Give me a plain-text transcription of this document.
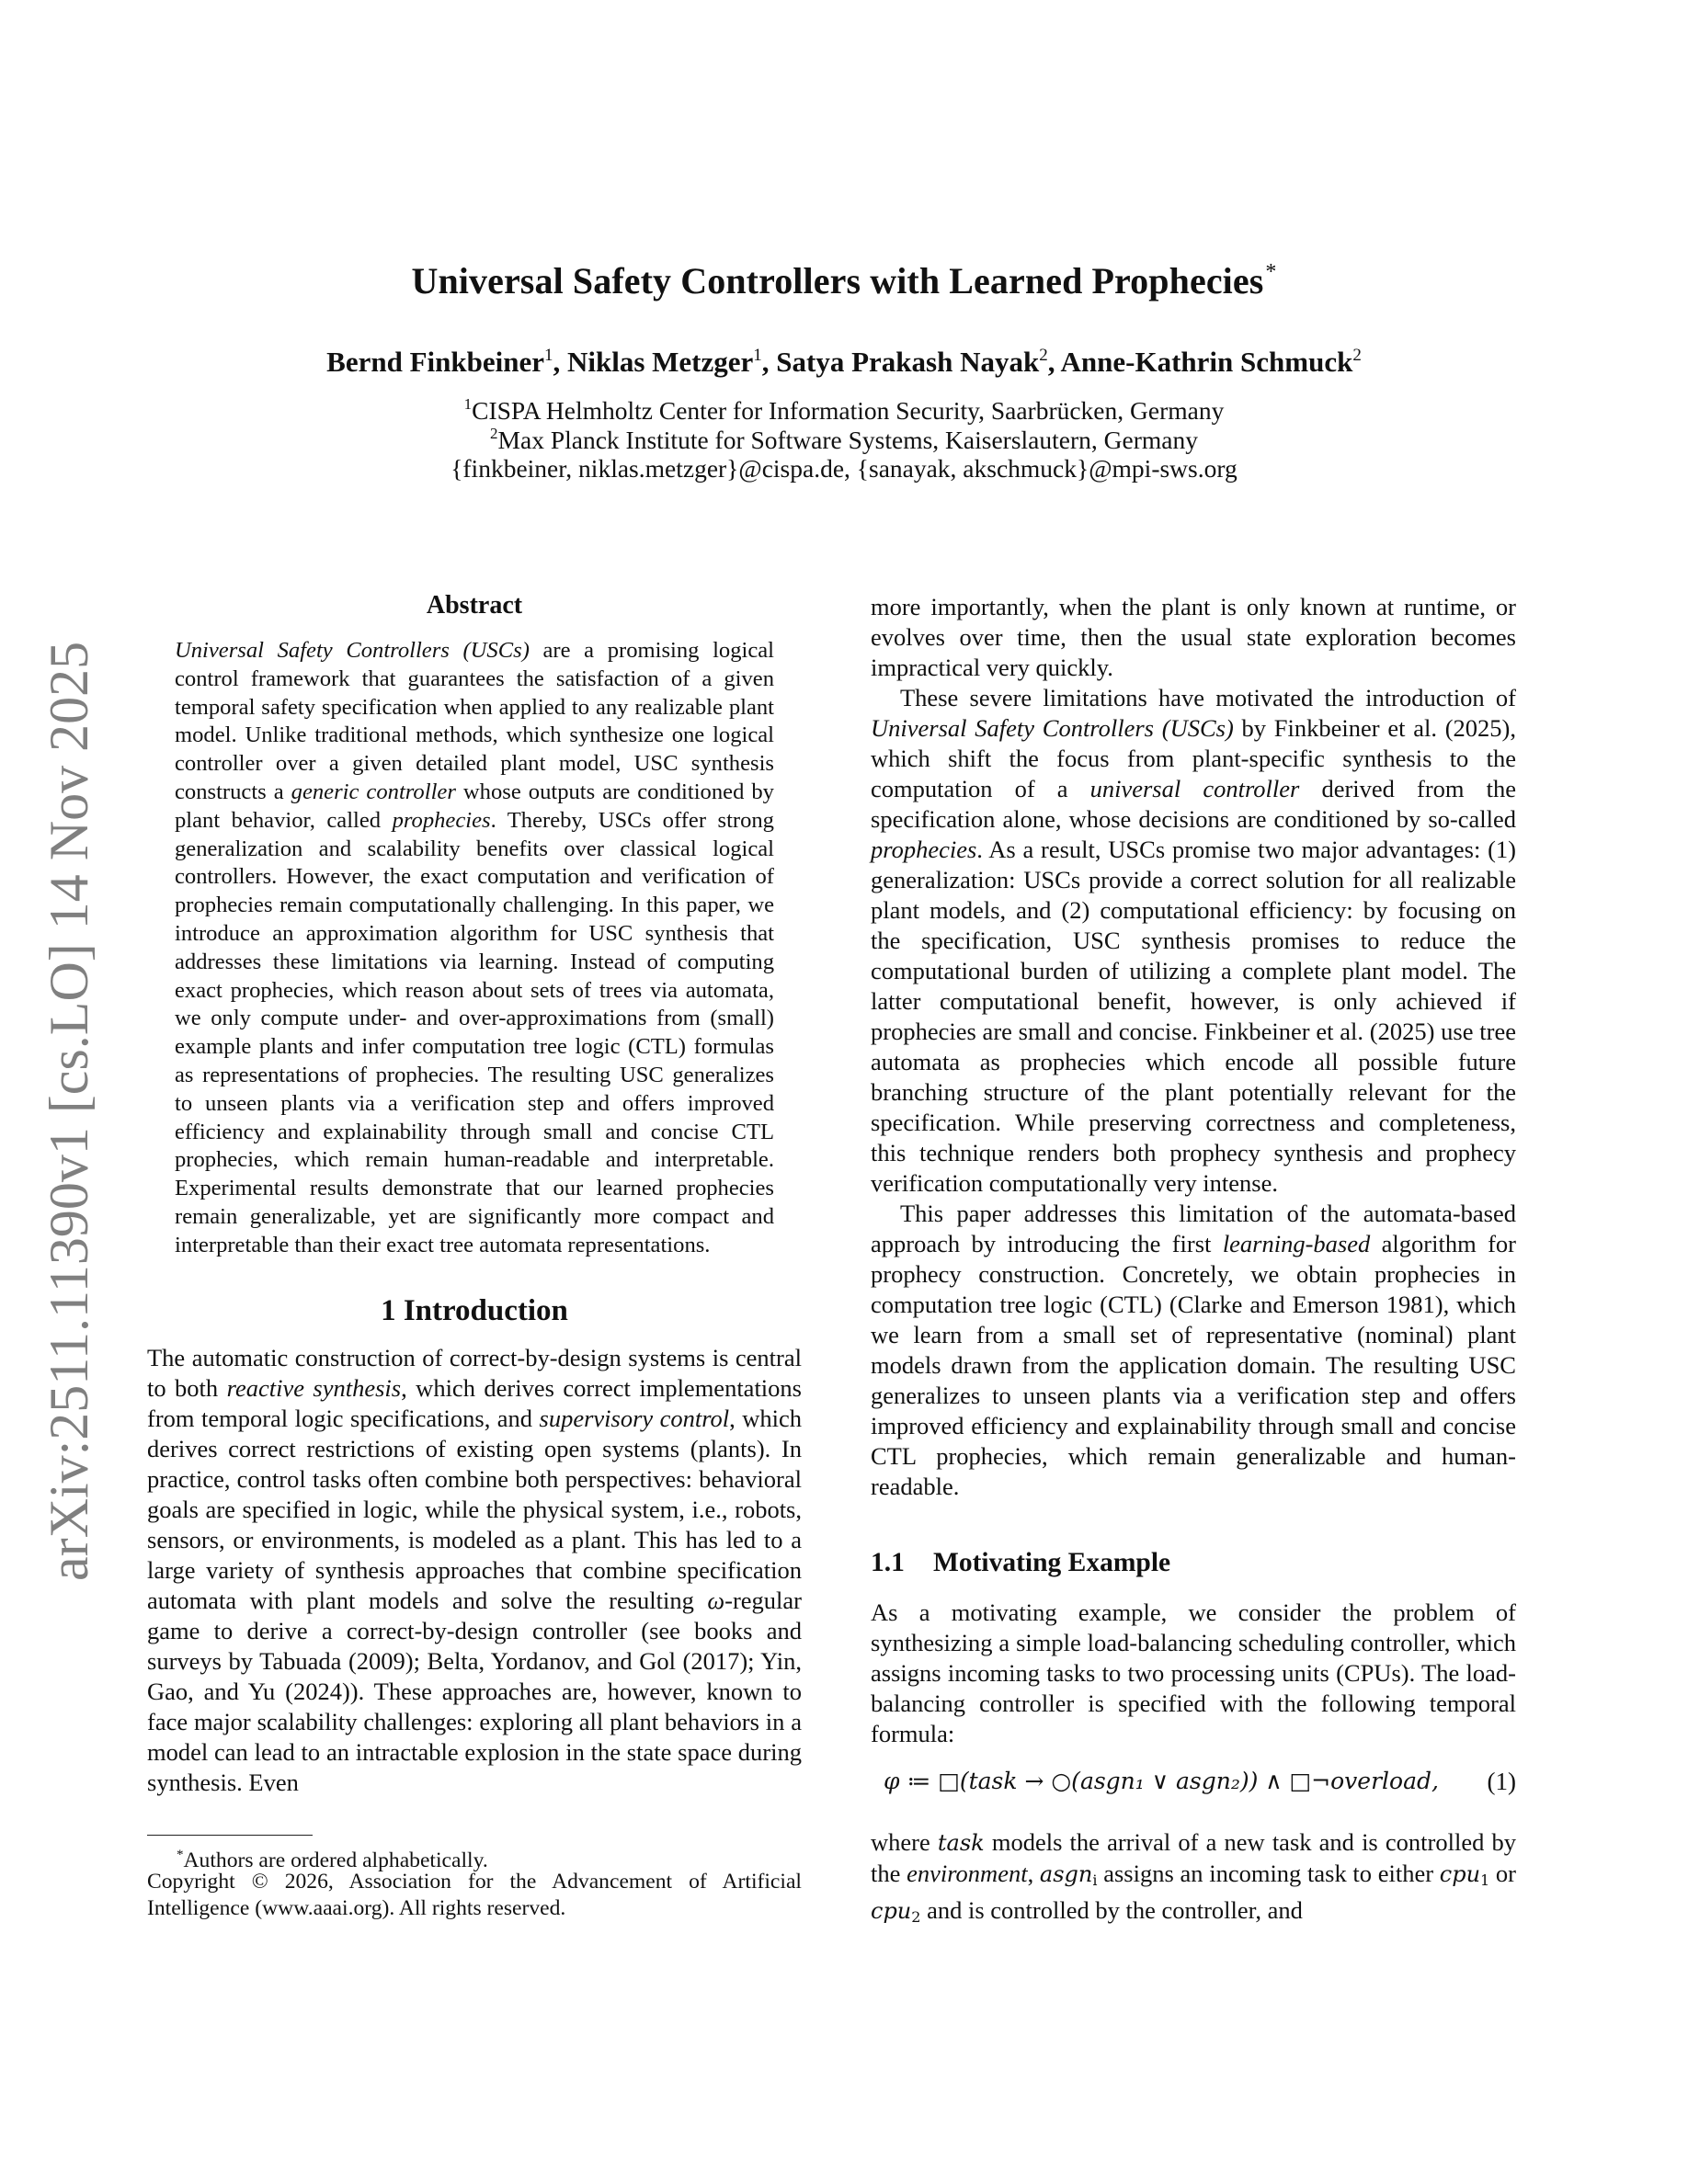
arXiv:2511.11390v1 [cs.LO] 14 Nov 2025
Universal Safety Controllers with Learned Prophecies*
Bernd Finkbeiner$^1$, Niklas Metzger$^1$, Satya Prakash Nayak$^2$, Anne-Kathrin Schmuck$^2$
$^1$CISPA Helmholtz Center for Information Security, Saarbrücken, Germany
$^2$Max Planck Institute for Software Systems, Kaiserslautern, Germany
{finkbeiner, niklas.metzger}@cispa.de, {sanayak, akschmuck}@mpi-sws.org
Abstract

Universal Safety Controllers (USCs) are a promising logical control framework that guarantees the satisfaction of a given temporal safety specification when applied to any realizable plant model. Unlike traditional methods, which synthesize one logical controller over a given detailed plant model, USC synthesis constructs a generic controller whose outputs are conditioned by plant behavior, called prophecies. Thereby, USCs offer strong generalization and scalability benefits over classical logical controllers. However, the exact computation and verification of prophecies remain computationally challenging. In this paper, we introduce an approximation algorithm for USC synthesis that addresses these limitations via learning. Instead of computing exact prophecies, which reason about sets of trees via automata, we only compute under- and over-approximations from (small) example plants and infer computation tree logic (CTL) formulas as representations of prophecies. The resulting USC generalizes to unseen plants via a verification step and offers improved efficiency and explainability through small and concise CTL prophecies, which remain human-readable and interpretable. Experimental results demonstrate that our learned prophecies remain generalizable, yet are significantly more compact and interpretable than their exact tree automata representations.

1 Introduction

The automatic construction of correct-by-design systems is central to both reactive synthesis, which derives correct implementations from temporal logic specifications, and supervisory control, which derives correct restrictions of existing open systems (plants). In practice, control tasks often combine both perspectives: behavioral goals are specified in logic, while the physical system, i.e., robots, sensors, or environments, is modeled as a plant. This has led to a large variety of synthesis approaches that combine specification automata with plant models and solve the resulting ω-regular game to derive a correct-by-design controller (see books and surveys by Tabuada (2009); Belta, Yordanov, and Gol (2017); Yin, Gao, and Yu (2024)). These approaches are, however, known to face major scalability challenges: exploring all plant behaviors in a model can lead to an intractable explosion in the state space during synthesis. Even

*Authors are ordered alphabetically.
Copyright © 2026, Association for the Advancement of Artificial Intelligence (www.aaai.org). All rights reserved.

more importantly, when the plant is only known at runtime, or evolves over time, then the usual state exploration becomes impractical very quickly.

These severe limitations have motivated the introduction of Universal Safety Controllers (USCs) by Finkbeiner et al. (2025), which shift the focus from plant-specific synthesis to the computation of a universal controller derived from the specification alone, whose decisions are conditioned by so-called prophecies. As a result, USCs promise two major advantages: (1) generalization: USCs provide a correct solution for all realizable plant models, and (2) computational efficiency: by focusing on the specification, USC synthesis promises to reduce the computational burden of utilizing a complete plant model. The latter computational benefit, however, is only achieved if prophecies are small and concise. Finkbeiner et al. (2025) use tree automata as prophecies which encode all possible future branching structure of the plant potentially relevant for the specification. While preserving correctness and completeness, this technique renders both prophecy synthesis and prophecy verification computationally very intense.

This paper addresses this limitation of the automata-based approach by introducing the first learning-based algorithm for prophecy construction. Concretely, we obtain prophecies in computation tree logic (CTL) (Clarke and Emerson 1981), which we learn from a small set of representative (nominal) plant models drawn from the application domain. The resulting USC generalizes to unseen plants via a verification step and offers improved efficiency and explainability through small and concise CTL prophecies, which remain generalizable and human-readable.

1.1 Motivating Example

As a motivating example, we consider the problem of synthesizing a simple load-balancing scheduling controller, which assigns incoming tasks to two processing units (CPUs). The load-balancing controller is specified with the following temporal formula:

φ ≔ □(task → ○(asgn₁ ∨ asgn₂)) ∧ □¬overload, (1)

where task models the arrival of a new task and is controlled by the environment, asgn$_i$ assigns an incoming task to either cpu$_1$ or cpu$_2$ and is controlled by the controller, and
